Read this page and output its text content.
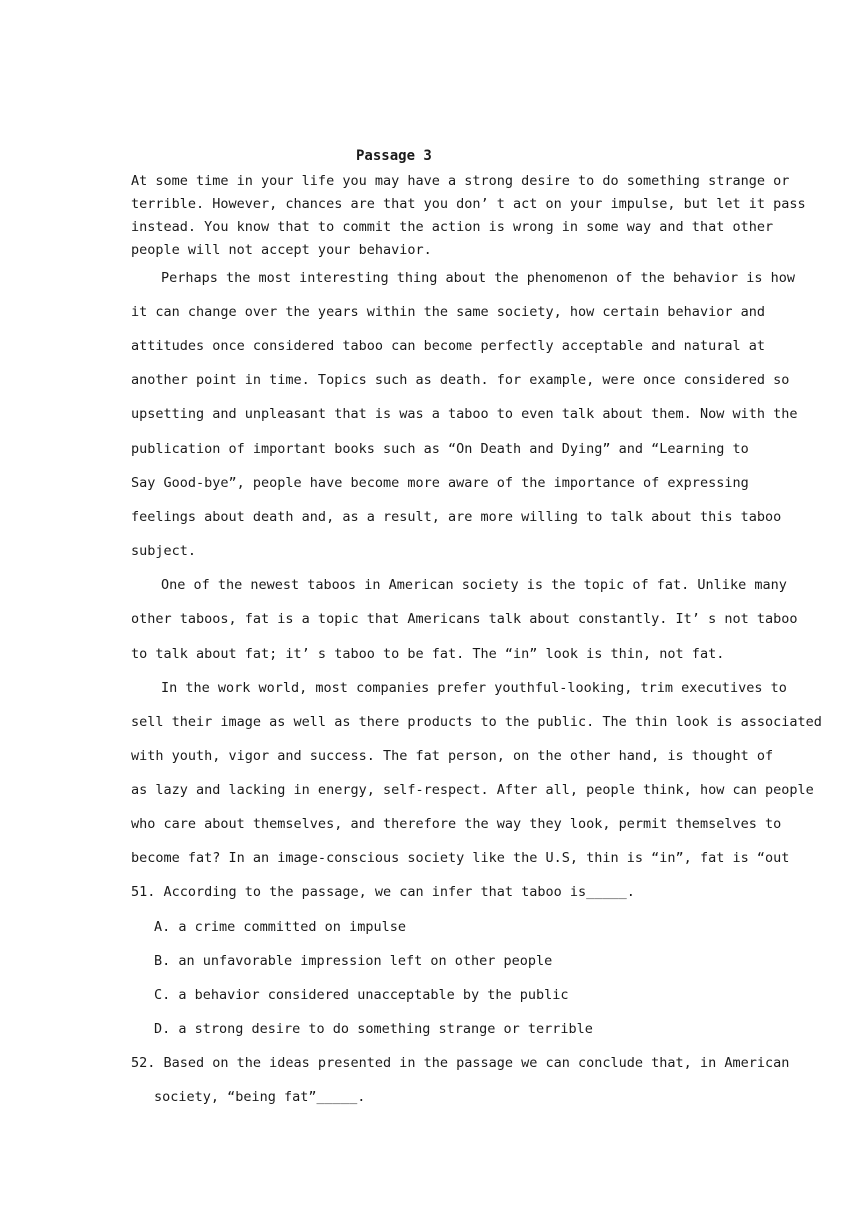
Passage 3
At some time in your life you may have a strong desire to do something strange or
terrible. However, chances are that you don’ t act on your impulse, but let it pass
instead. You know that to commit the action is wrong in some way and that other
people will not accept your behavior.
Perhaps the most interesting thing about the phenomenon of the behavior is how
it can change over the years within the same society, how certain behavior and
attitudes once considered taboo can become perfectly acceptable and natural at
another point in time. Topics such as death. for example, were once considered so
upsetting and unpleasant that is was a taboo to even talk about them. Now with the
publication of important books such as “On Death and Dying” and “Learning to
Say Good-bye”, people have become more aware of the importance of expressing
feelings about death and, as a result, are more willing to talk about this taboo
subject.
One of the newest taboos in American society is the topic of fat. Unlike many
other taboos, fat is a topic that Americans talk about constantly. It’ s not taboo
to talk about fat; it’ s taboo to be fat. The “in” look is thin, not fat.
In the work world, most companies prefer youthful-looking, trim executives to
sell their image as well as there products to the public. The thin look is associated
with youth, vigor and success. The fat person, on the other hand, is thought of
as lazy and lacking in energy, self-respect. After all, people think, how can people
who care about themselves, and therefore the way they look, permit themselves to
become fat? In an image-conscious society like the U.S, thin is “in”, fat is “out
51. According to the passage, we can infer that taboo is_____.
A. a crime committed on impulse
B. an unfavorable impression left on other people
C. a behavior considered unacceptable by the public
D. a strong desire to do something strange or terrible
52. Based on the ideas presented in the passage we can conclude that, in American
society, “being fat”_____.
